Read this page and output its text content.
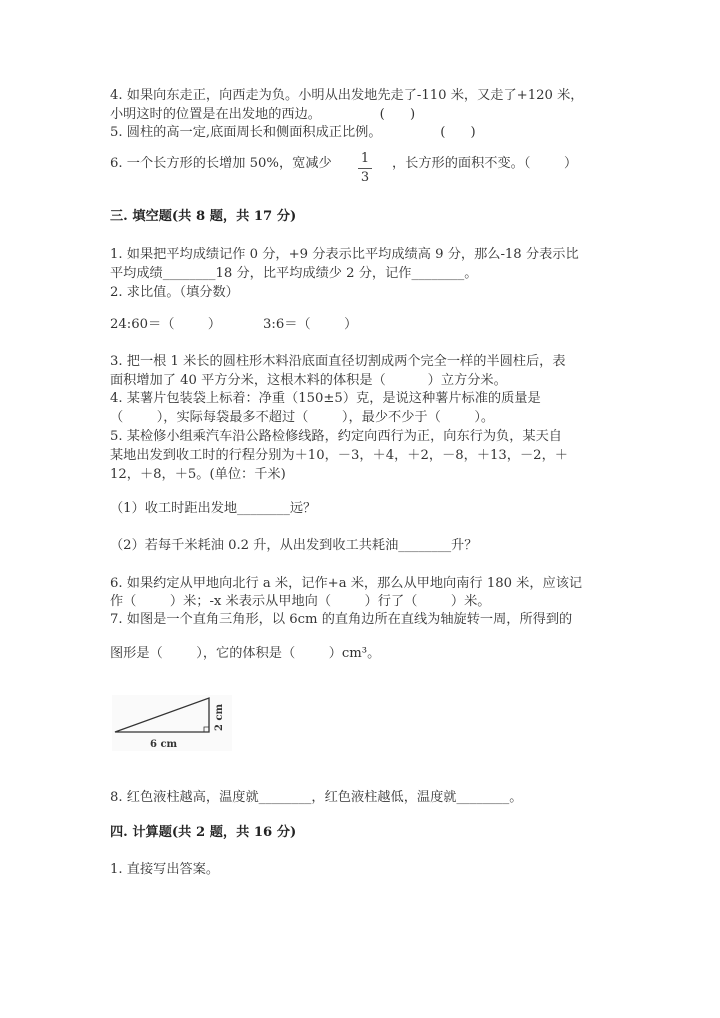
4. 如果向东走正，向西走为负。小明从出发地先走了-110 米，又走了+120 米，
小明这时的位置是在出发地的西边。              (      )
5. 圆柱的高一定,底面周长和侧面积成正比例。              (      )
6. 一个长方形的长增加 50%，宽减少 1
3
，长方形的面积不变。（        ）
三. 填空题(共 8 题，共 17 分)
1. 如果把平均成绩记作 0 分，+9 分表示比平均成绩高 9 分，那么-18 分表示比
平均成绩________18 分，比平均成绩少 2 分，记作________。
2. 求比值。（填分数）
24:60＝（        ）          3:6＝（        ）
3. 把一根 1 米长的圆柱形木料沿底面直径切割成两个完全一样的半圆柱后，表
面积增加了 40 平方分米，这根木料的体积是（          ）立方分米。
4. 某薯片包装袋上标着：净重（150±5）克，是说这种薯片标准的质量是
（        ），实际每袋最多不超过（        ），最少不少于（        ）。
5. 某检修小组乘汽车沿公路检修线路，约定向西行为正，向东行为负，某天自
某地出发到收工时的行程分别为＋10，－3，＋4，＋2，－8，＋13，－2，＋
12，＋8，＋5。(单位：千米)
（1）收工时距出发地________远？
（2）若每千米耗油 0.2 升，从出发到收工共耗油________升？
6. 如果约定从甲地向北行 a 米，记作+a 米，那么从甲地向南行 180 米，应该记
作（        ）米；-x 米表示从甲地向（        ）行了（        ）米。
7. 如图是一个直角三角形，以 6cm 的直角边所在直线为轴旋转一周，所得到的
图形是（        ），它的体积是（        ）cm³。
6 cm
2 cm
8. 红色液柱越高，温度就________，红色液柱越低，温度就________。
四. 计算题(共 2 题，共 16 分)
1. 直接写出答案。
